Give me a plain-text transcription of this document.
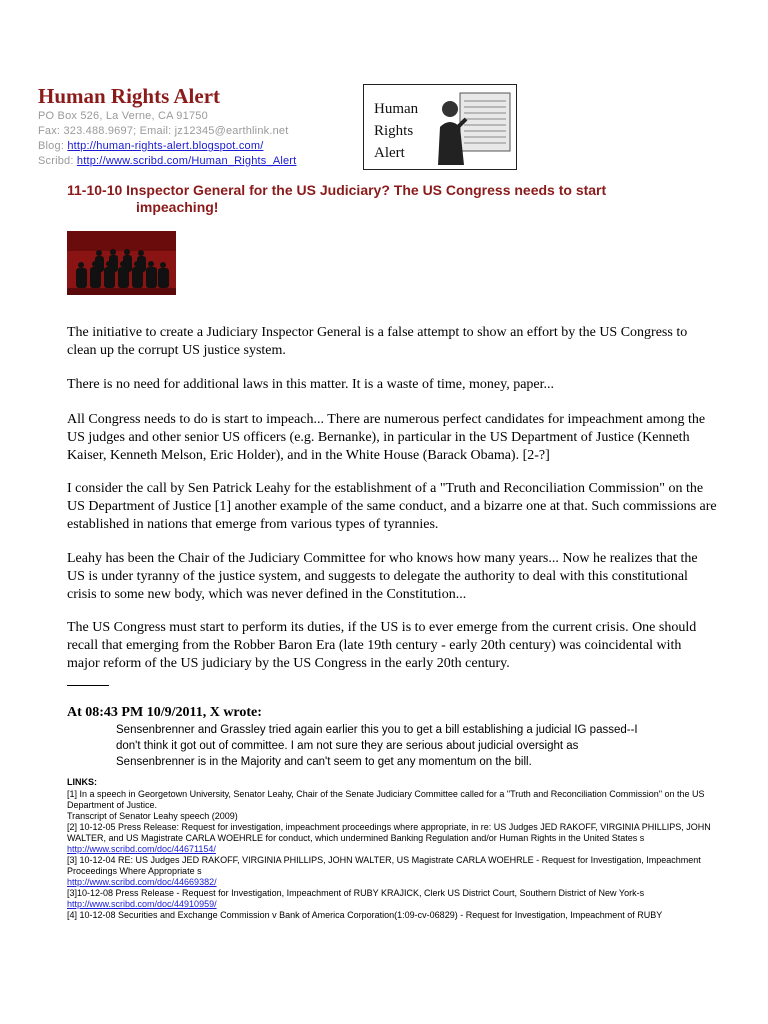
Human Rights Alert
PO Box 526, La Verne, CA 91750
Fax: 323.488.9697; Email: jz12345@earthlink.net
Blog: http://human-rights-alert.blogspot.com/
Scribd: http://www.scribd.com/Human_Rights_Alert
Human
Rights
Alert
11-10-10 Inspector General for the US Judiciary? The US Congress needs to start
impeaching!
The initiative to create a Judiciary Inspector General is a false attempt to show an effort by the US Congress to clean up the corrupt US justice system.
There is no need for additional laws in this matter. It is a waste of time, money, paper...
All Congress needs to do is start to impeach... There are numerous perfect candidates for impeachment among the US judges and other senior US officers (e.g. Bernanke), in particular in the US Department of Justice (Kenneth Kaiser, Kenneth Melson, Eric Holder), and in the White House (Barack Obama). [2-?]
I consider the call by Sen Patrick Leahy for the establishment of a "Truth and Reconciliation Commission" on the US Department of Justice [1] another example of the same conduct, and a bizarre one at that. Such commissions are established in nations that emerge from various types of tyrannies.
Leahy has been the Chair of the Judiciary Committee for who knows how many years... Now he realizes that the US is under tyranny of the justice system, and suggests to delegate the authority to deal with this constitutional crisis to some new body, which was never defined in the Constitution...
The US Congress must start to perform its duties, if the US is to ever emerge from the current crisis. One should recall that emerging from the Robber Baron Era (late 19th century - early 20th century) was coincidental with major reform of the US judiciary by the US Congress in the early 20th century.
At 08:43 PM 10/9/2011, X wrote:
Sensenbrenner and Grassley tried again earlier this you to get a bill establishing a judicial IG passed--I don't think it got out of committee. I am not sure they are serious about judicial oversight as Sensenbrenner is in the Majority and can't seem to get any momentum on the bill.
LINKS:
[1] In a speech in Georgetown University, Senator Leahy, Chair of the Senate Judiciary Committee called for a "Truth and Reconciliation Commission" on the US Department of Justice.
Transcript of Senator Leahy speech (2009)
[2] 10-12-05 Press Release: Request for investigation, impeachment proceedings where appropriate, in re: US Judges JED RAKOFF, VIRGINIA PHILLIPS, JOHN WALTER, and US Magistrate CARLA WOEHRLE for conduct, which undermined Banking Regulation and/or Human Rights in the United States s
http://www.scribd.com/doc/44671154/
[3] 10-12-04 RE: US Judges JED RAKOFF, VIRGINIA PHILLIPS, JOHN WALTER, US Magistrate CARLA WOEHRLE - Request for Investigation, Impeachment Proceedings Where Appropriate s
http://www.scribd.com/doc/44669382/
[3]10-12-08 Press Release - Request for Investigation, Impeachment of RUBY KRAJICK, Clerk US District Court, Southern District of New York-s
http://www.scribd.com/doc/44910959/
[4] 10-12-08 Securities and Exchange Commission v Bank of America Corporation(1:09-cv-06829) - Request for Investigation, Impeachment of RUBY
